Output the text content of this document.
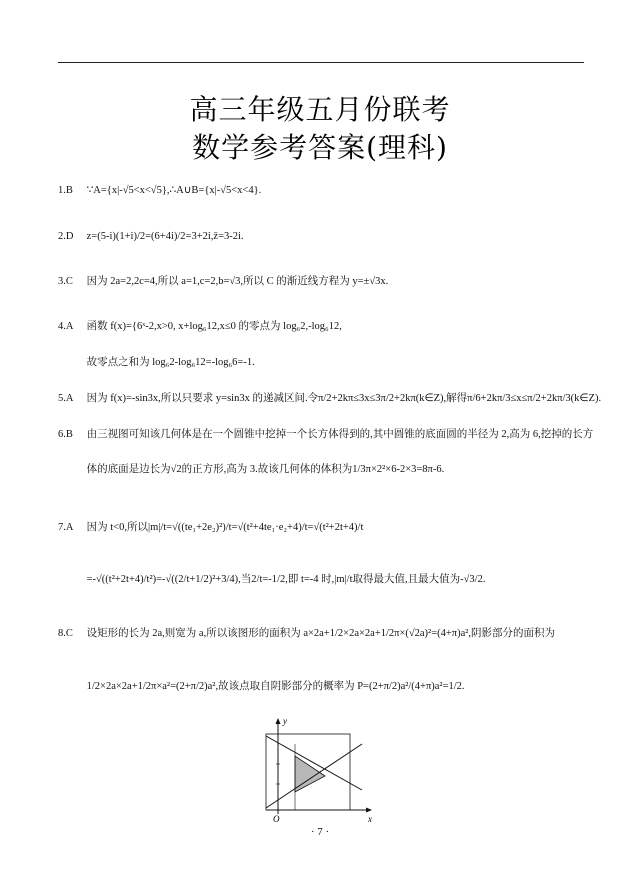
高三年级五月份联考
数学参考答案(理科)
1.B ∵A={x|-√5<x<√5},∴A∪B={x|-√5<x<4}.
2.D z=(5-i)(1+i)/2=(6+4i)/2=3+2i,z̄=3-2i.
3.C 因为 2a=2,2c=4,所以 a=1,c=2,b=√3,所以 C 的渐近线方程为 y=±√3x.
4.A 函数 f(x)={6ˣ-2,x>0, x+log₆12,x≤0 的零点为 log₆2,-log₆12,
故零点之和为 log₆2-log₆12=-log₆6=-1.
5.A 因为 f(x)=-sin3x,所以只要求 y=sin3x 的递减区间.令π/2+2kπ≤3x≤3π/2+2kπ(k∈Z),解得π/6+2kπ/3≤x≤π/2+2kπ/3(k∈Z).
6.B 由三视图可知该几何体是在一个圆锥中挖掉一个长方体得到的,其中圆锥的底面圆的半径为 2,高为 6,挖掉的长方
体的底面是边长为√2的正方形,高为 3.故该几何体的体积为1/3π×2²×6-2×3=8π-6.
7.A 因为 t<0,所以|m|/t=√((te₁+2e₂)²)/t=√(t²+4te₁·e₂+4)/t=√(t²+2t+4)/t
=-√((t²+2t+4)/t²)=-√((2/t+1/2)²+3/4),当2/t=-1/2,即 t=-4 时,|m|/t取得最大值,且最大值为-√3/2.
8.C 设矩形的长为 2a,则宽为 a,所以该图形的面积为 a×2a+1/2×2a×2a+1/2π×(√2a)²=(4+π)a²,阴影部分的面积为
1/2×2a×2a+1/2π×a²=(2+π/2)a²,故该点取自阴影部分的概率为 P=(2+π/2)a²/(4+π)a²=1/2.
y
x
O
· 7 ·
